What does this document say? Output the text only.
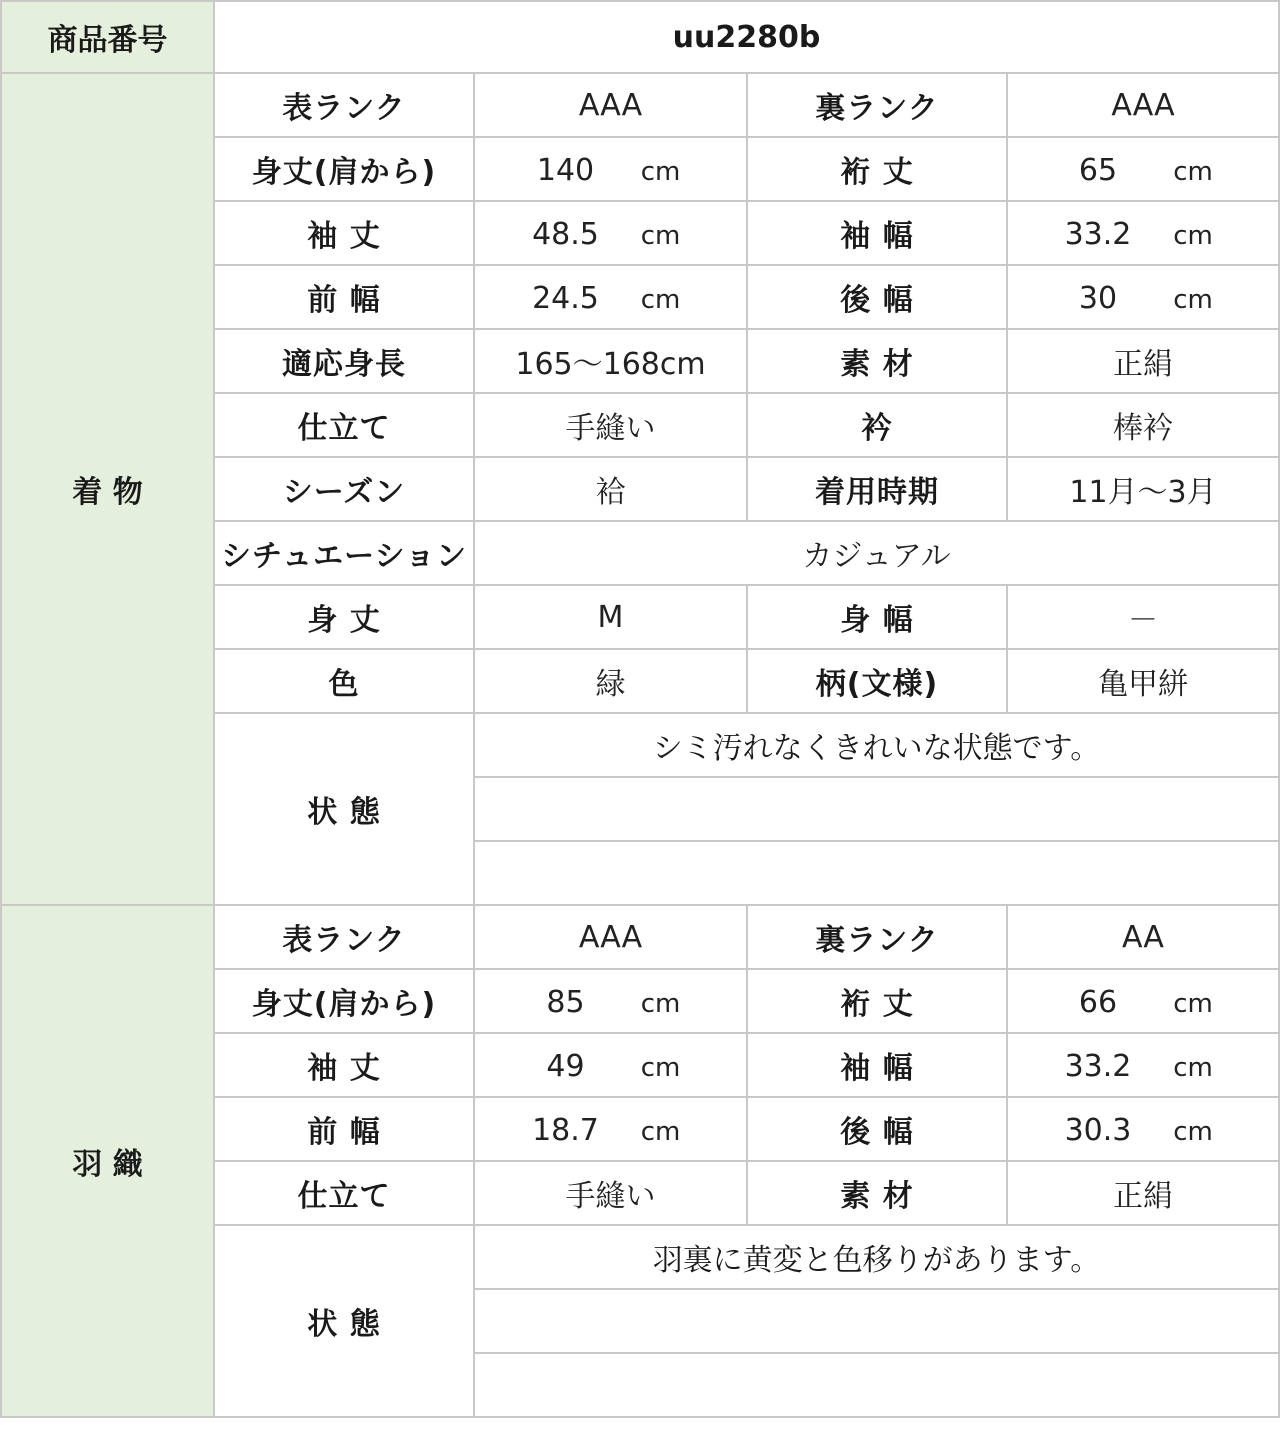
商品番号	uu2280b			
着 物	表ランク	AAA	裏ランク	AAA
	身丈(肩から)	140 cm	裄 丈	65 cm
	袖 丈	48.5 cm	袖 幅	33.2 cm
	前 幅	24.5 cm	後 幅	30 cm
	適応身長	165～168cm	素 材	正絹
	仕立て	手縫い	衿	棒衿
	シーズン	袷	着用時期	11月～3月
	シチュエーション	カジュアル		
	身 丈	M	身 幅	－
	色	緑	柄(文様)	亀甲絣
	状 態	シミ汚れなくきれいな状態です。		

羽 織	表ランク	AAA	裏ランク	AA
	身丈(肩から)	85 cm	裄 丈	66 cm
	袖 丈	49 cm	袖 幅	33.2 cm
	前 幅	18.7 cm	後 幅	30.3 cm
	仕立て	手縫い	素 材	正絹
	状 態	羽裏に黄変と色移りがあります。		
